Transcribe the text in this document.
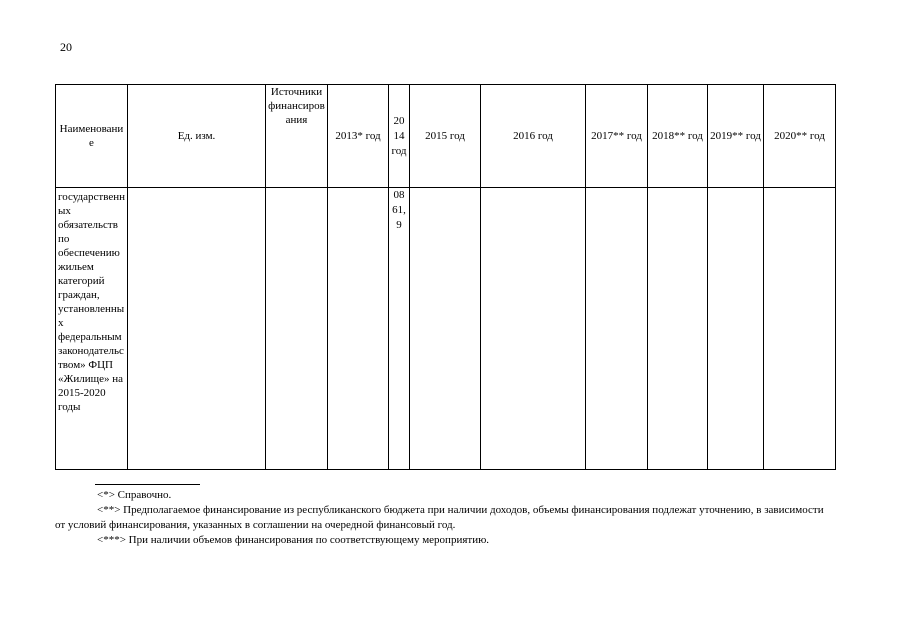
20
Наименование	Ед. изм.	Источники финансирования	2013* год	2014 год	2015 год	2016 год	2017** год	2018** год	2019** год	2020** год
государственных обязательств по обеспечению жильем категорий граждан, установленных федеральным законодательством» ФЦП «Жилище» на 2015-2020 годы				0861,9						

<*> Справочно.

<**> Предполагаемое финансирование из республиканского бюджета при наличии доходов, объемы финансирования подлежат уточнению, в зависимости от условий финансирования, указанных в соглашении на очередной финансовый год.

<***> При наличии объемов финансирования по соответствующему мероприятию.
